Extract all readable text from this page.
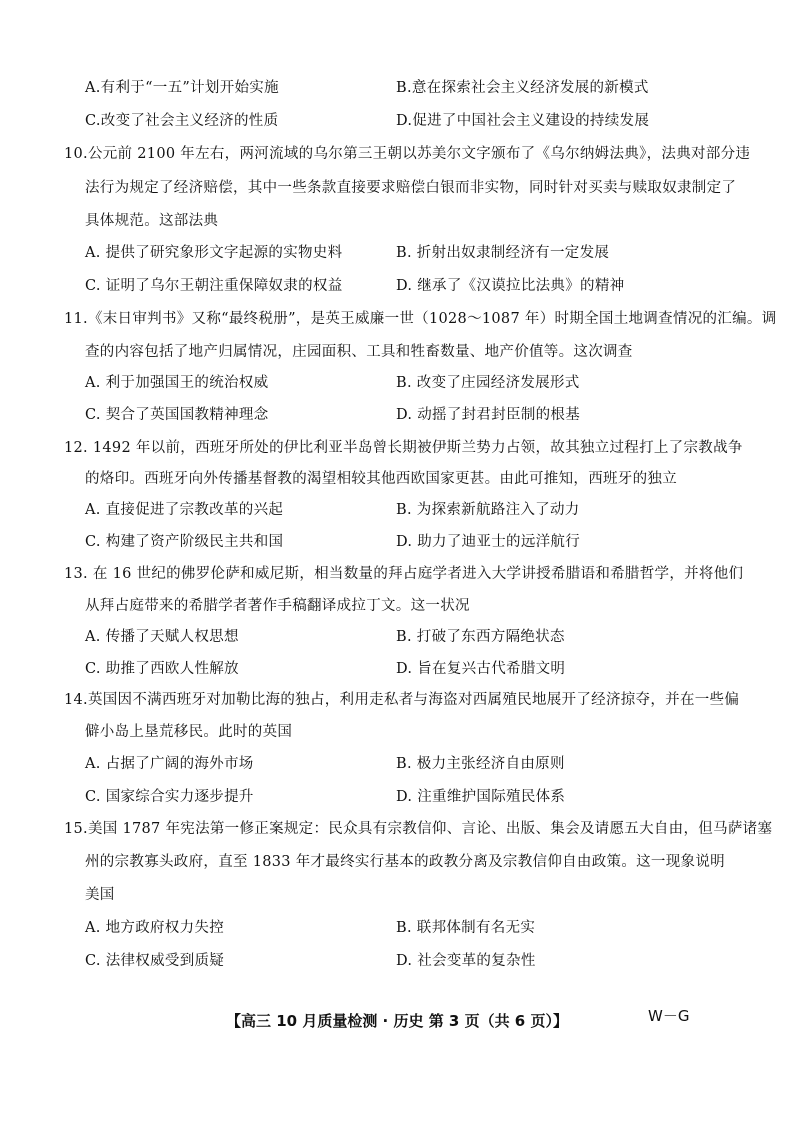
A.有利于“一五”计划开始实施	B.意在探索社会主义经济发展的新模式
C.改变了社会主义经济的性质	D.促进了中国社会主义建设的持续发展
10.公元前 2100 年左右，两河流域的乌尔第三王朝以苏美尔文字颁布了《乌尔纳姆法典》，法典对部分违
法行为规定了经济赔偿，其中一些条款直接要求赔偿白银而非实物，同时针对买卖与赎取奴隶制定了
具体规范。这部法典
A. 提供了研究象形文字起源的实物史料	B. 折射出奴隶制经济有一定发展
C. 证明了乌尔王朝注重保障奴隶的权益	D. 继承了《汉谟拉比法典》的精神
11.《末日审判书》又称“最终税册”，是英王威廉一世（1028～1087 年）时期全国土地调查情况的汇编。调
查的内容包括了地产归属情况，庄园面积、工具和牲畜数量、地产价值等。这次调查
A. 利于加强国王的统治权威	B. 改变了庄园经济发展形式
C. 契合了英国国教精神理念	D. 动摇了封君封臣制的根基
12. 1492 年以前，西班牙所处的伊比利亚半岛曾长期被伊斯兰势力占领，故其独立过程打上了宗教战争
的烙印。西班牙向外传播基督教的渴望相较其他西欧国家更甚。由此可推知，西班牙的独立
A. 直接促进了宗教改革的兴起	B. 为探索新航路注入了动力
C. 构建了资产阶级民主共和国	D. 助力了迪亚士的远洋航行
13. 在 16 世纪的佛罗伦萨和威尼斯，相当数量的拜占庭学者进入大学讲授希腊语和希腊哲学，并将他们
从拜占庭带来的希腊学者著作手稿翻译成拉丁文。这一状况
A. 传播了天赋人权思想	B. 打破了东西方隔绝状态
C. 助推了西欧人性解放	D. 旨在复兴古代希腊文明
14.英国因不满西班牙对加勒比海的独占，利用走私者与海盗对西属殖民地展开了经济掠夺，并在一些偏
僻小岛上垦荒移民。此时的英国
A. 占据了广阔的海外市场	B. 极力主张经济自由原则
C. 国家综合实力逐步提升	D. 注重维护国际殖民体系
15.美国 1787 年宪法第一修正案规定：民众具有宗教信仰、言论、出版、集会及请愿五大自由，但马萨诸塞
州的宗教寡头政府，直至 1833 年才最终实行基本的政教分离及宗教信仰自由政策。这一现象说明
美国
A. 地方政府权力失控	B. 联邦体制有名无实
C. 法律权威受到质疑	D. 社会变革的复杂性
【高三 10 月质量检测 · 历史 第 3 页（共 6 页）】	W－G
